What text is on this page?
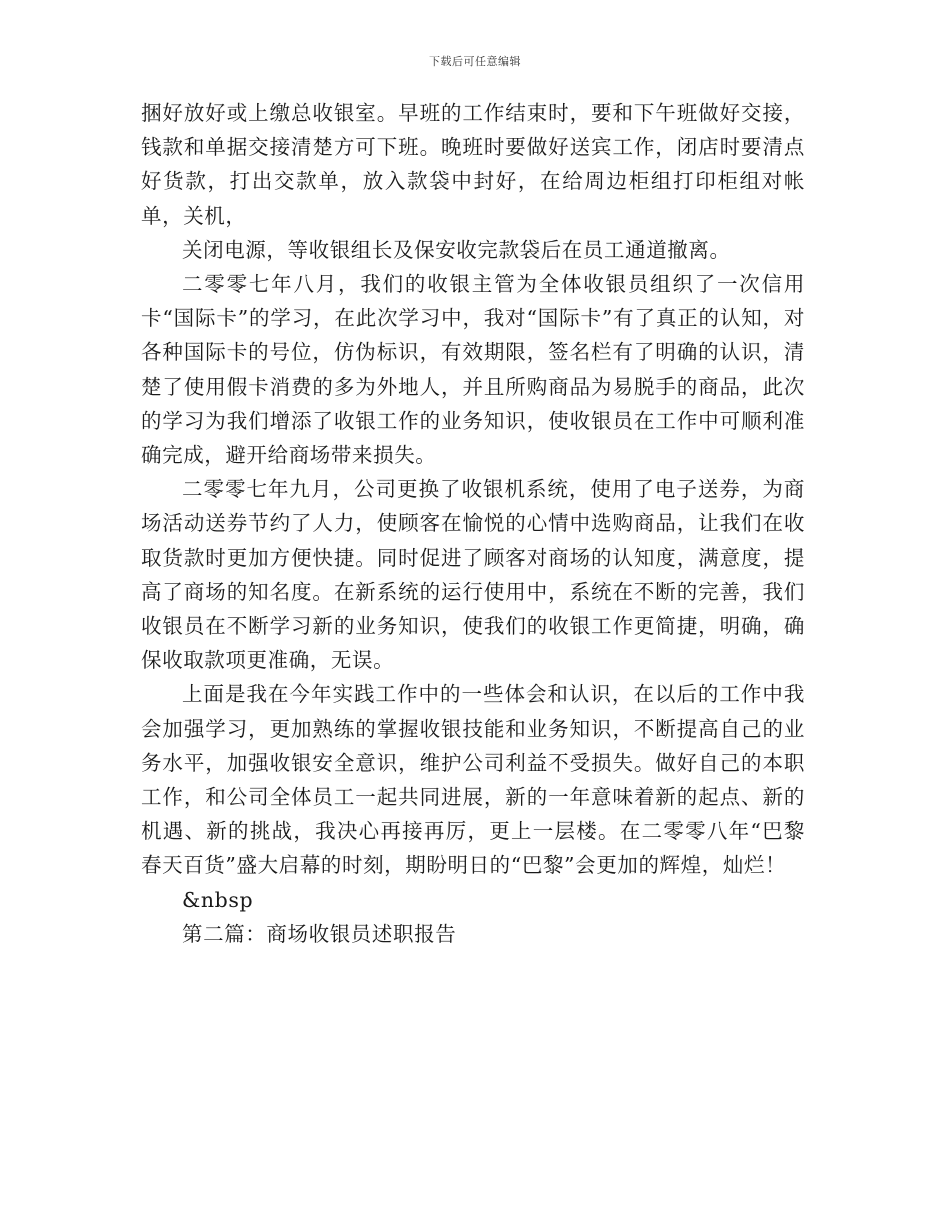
下载后可任意编辑

捆好放好或上缴总收银室。早班的工作结束时，要和下午班做好交接，钱款和单据交接清楚方可下班。晚班时要做好送宾工作，闭店时要清点好货款，打出交款单，放入款袋中封好，在给周边柜组打印柜组对帐单，关机，

关闭电源，等收银组长及保安收完款袋后在员工通道撤离。

二零零七年八月，我们的收银主管为全体收银员组织了一次信用卡“国际卡”的学习，在此次学习中，我对“国际卡”有了真正的认知，对各种国际卡的号位，仿伪标识，有效期限，签名栏有了明确的认识，清楚了使用假卡消费的多为外地人，并且所购商品为易脱手的商品，此次的学习为我们增添了收银工作的业务知识，使收银员在工作中可顺利准确完成，避开给商场带来损失。

二零零七年九月，公司更换了收银机系统，使用了电子送券，为商场活动送券节约了人力，使顾客在愉悦的心情中选购商品，让我们在收取货款时更加方便快捷。同时促进了顾客对商场的认知度，满意度，提高了商场的知名度。在新系统的运行使用中，系统在不断的完善，我们收银员在不断学习新的业务知识，使我们的收银工作更简捷，明确，确保收取款项更准确，无误。

上面是我在今年实践工作中的一些体会和认识，在以后的工作中我会加强学习，更加熟练的掌握收银技能和业务知识，不断提高自己的业务水平，加强收银安全意识，维护公司利益不受损失。做好自己的本职工作，和公司全体员工一起共同进展，新的一年意味着新的起点、新的机遇、新的挑战，我决心再接再厉，更上一层楼。在二零零八年“巴黎春天百货”盛大启幕的时刻，期盼明日的“巴黎”会更加的辉煌，灿烂！

&nbsp

第二篇：商场收银员述职报告
